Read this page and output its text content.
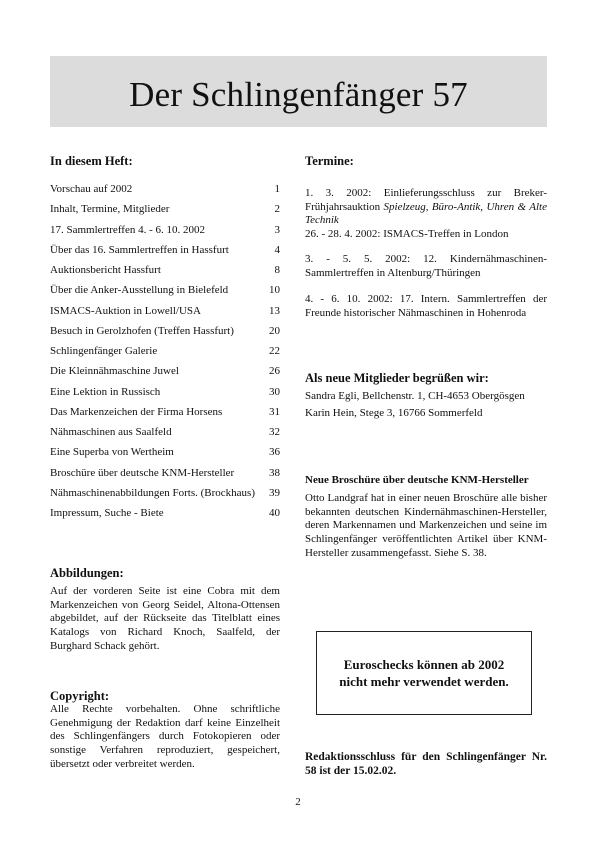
Der Schlingenfänger 57
In diesem Heft:
Vorschau auf 2002	1
Inhalt, Termine, Mitglieder	2
17. Sammlertreffen 4. - 6. 10. 2002	3
Über das 16. Sammlertreffen in Hassfurt	4
Auktionsbericht Hassfurt	8
Über die Anker-Ausstellung in Bielefeld	10
ISMACS-Auktion in Lowell/USA	13
Besuch in Gerolzhofen (Treffen Hassfurt)	20
Schlingenfänger Galerie	22
Die Kleinnähmaschine Juwel	26
Eine Lektion in Russisch	30
Das Markenzeichen der Firma Horsens	31
Nähmaschinen aus Saalfeld	32
Eine Superba von Wertheim	36
Broschüre über deutsche KNM-Hersteller	38
Nähmaschinenabbildungen Forts. (Brockhaus) 39
Impressum, Suche - Biete	40
Abbildungen:
Auf der vorderen Seite ist eine Cobra mit dem Markenzeichen von Georg Seidel, Altona-Ottensen abgebildet, auf der Rückseite das Titelblatt eines Katalogs von Richard Knoch, Saalfeld, der Burghard Schack gehört.
Copyright:
Alle Rechte vorbehalten. Ohne schriftliche Genehmigung der Redaktion darf keine Einzelheit des Schlingenfängers durch Fotokopieren oder sonstige Verfahren reproduziert, gespeichert, übersetzt oder verbreitet werden.
Termine:
1. 3. 2002: Einlieferungsschluss zur Breker-Frühjahrsauktion Spielzeug, Büro-Antik, Uhren & Alte Technik
26. - 28. 4. 2002: ISMACS-Treffen in London
3. - 5. 5. 2002: 12. Kindernähmaschinen-Sammlertreffen in Altenburg/Thüringen
4. - 6. 10. 2002: 17. Intern. Sammlertreffen der Freunde historischer Nähmaschinen in Hohenroda
Als neue Mitglieder begrüßen wir:
Sandra Egli, Bellchenstr. 1, CH-4653 Obergösgen
Karin Hein, Stege 3, 16766 Sommerfeld
Neue Broschüre über deutsche KNM-Hersteller
Otto Landgraf hat in einer neuen Broschüre alle bisher bekannten deutschen Kindernähmaschinen-Hersteller, deren Markennamen und Markenzeichen und seine im Schlingenfänger veröffentlichten Artikel über KNM-Hersteller zusammengefasst. Siehe S. 38.
Euroschecks können ab 2002
nicht mehr verwendet werden.
Redaktionsschluss für den Schlingenfänger Nr. 58 ist der 15.02.02.
2
